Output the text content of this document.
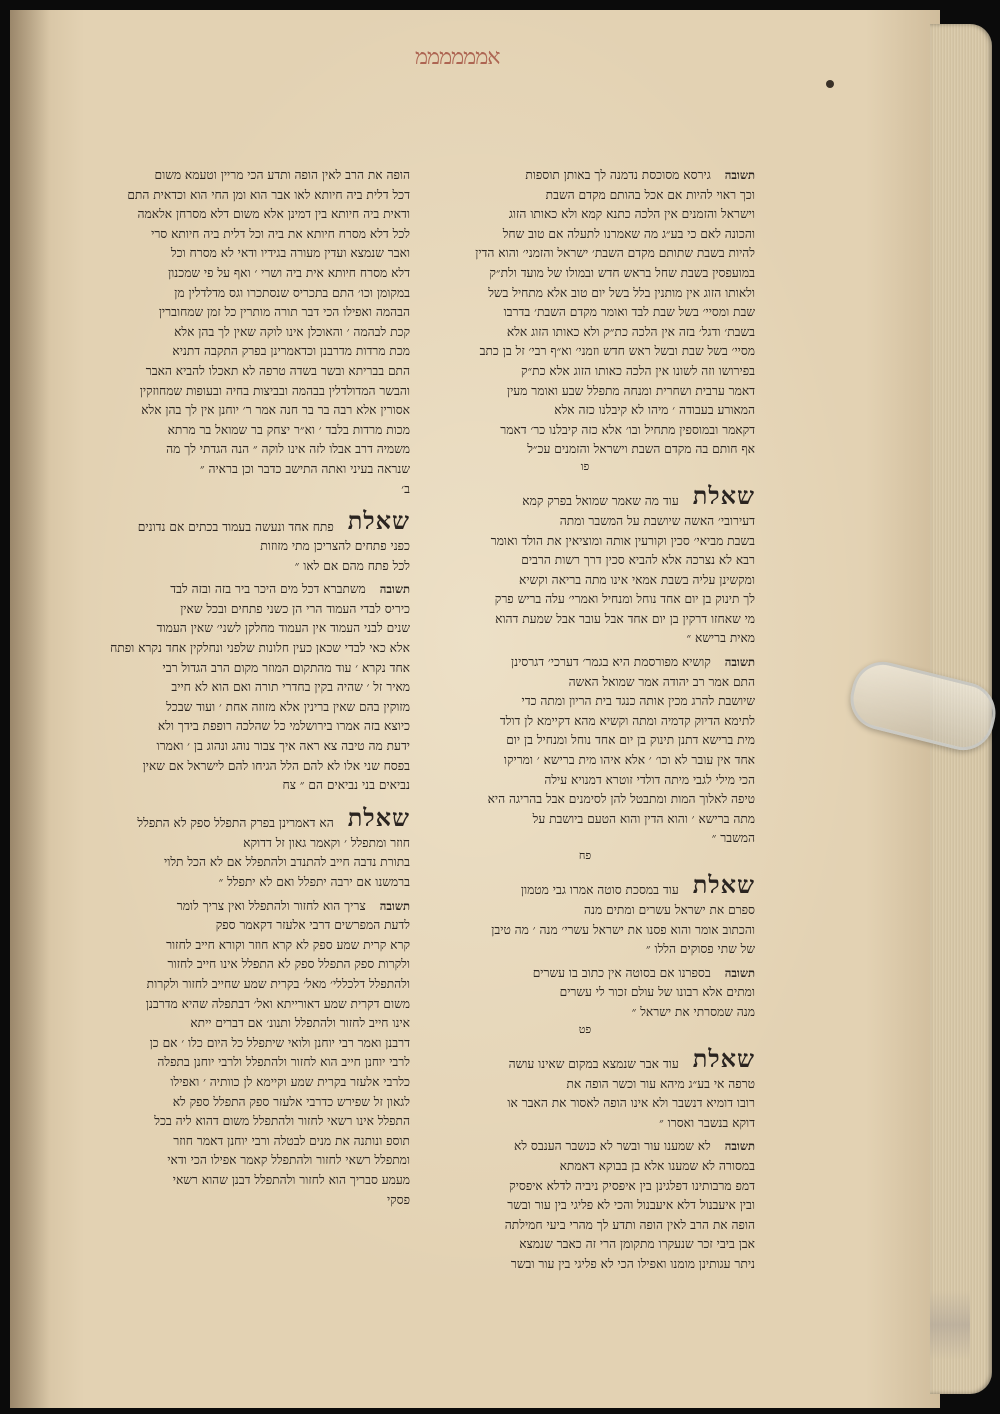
אממממממ
תשובה
גירסא מסוכסת נדמנה לך באותן תוספות
וכך ראוי להיות אם אכל בהותם מקדם השבת
וישראל והזמנים אין הלכה כתנא קמא ולא כאותו הזוג
והכונה לאם כי בע״ג מה שאמרנו לתעלה אם טוב שחל
להיות בשבת שתותם מקדם השבת׳ ישראל והזמני׳ והוא הדין
במועפסין בשבת שחל בראש חדש ובמולו של מועד ולת״ק
ולאותו הזוג אין מותנין בלל בשל יום טוב אלא מתחיל בשל
שבת ומסיי׳ בשל שבת לבד ואומר מקדם השבת׳ בדרבו
בשבת׳ ודגל׳ בזה אין הלכה כת״ק ולא כאותו הזוג אלא
מסיי׳ בשל שבת ובשל ראש חדש וזמני׳ וא״ף רבי׳ זל בן כתב
בפירושו וזה לשונו אין הלכה כאותו הזוג אלא כת״ק
דאמר ערבית ושחרית ומנחה מתפלל שבע ואומר מעין
המאורע בעבודה ׳ מיהו לא קיבלנו כזה אלא
דקאמר ובמוספין מתחיל ובו׳ אלא כזה קיבלנו כר׳ דאמר
אף חותם בה מקדם השבת וישראל והזמנים עכ״ל
פו
שאלת
עוד מה שאמר שמואל בפרק קמא
דעירובי׳ האשה שיושבת על המשבר ומתה
בשבת מביאי׳ סכין וקורעין אותה ומוציאין את הולד ואומר
רבא לא נצרכה אלא להביא סכין דרך רשות הרבים
ומקשינן עליה בשבת אמאי אינו מתה בריאה וקשיא
לך תינוק בן יום אחד נוחל ומנחיל ואמרי׳ עלה בריש פרק
מי שאחזו דרקין בן יום אחד אבל עובר אבל שמעת דהוא
מאית ברישא ״
תשובה
קושיא מפורסמת היא בגמר׳ דערכי׳ דגרסינן
התם אמר רב יהודה אמר שמואל האשה
שיושבת להרג מכין אותה כנגד בית הריון ומתה כדי
לתימא הדיוק קדמיה ומתה וקשיא מהא דקיימא לן דולד
מית ברישא דתנן תינוק בן יום אחד נוחל ומנחיל בן יום
אחד אין עובר לא וכו׳ ׳ אלא איהו מית ברישא ׳ ומריקו
הכי מילי לגבי מיתה דולדי זוטרא דמנויא עילה
טיפה לאלוך המות ומתבטל להן לסימנים אבל בהריגה היא
מתה ברישא ׳ והוא הדין והוא הטעם ביושבת על
המשבר ״
פח
שאלת
עוד במסכת סוטה אמרו גבי מטמון
ספרם את ישראל עשרים ומתים מנה
והכתוב אומר והוא פסנו את ישראל עשרי׳ מנה ׳ מה טיבן
של שתי פסוקים הללו ״
תשובה
בספרנו אם בסוטה אין כתוב בו עשרים
ומתים אלא רבונו של עולם זכור לי עשרים
מנה שמסרתי את ישראל ״
פט
שאלת
עוד אבר שנמצא במקום שאינו עושה
טרפה אי בע״ג מיהא עור וכשר הופה את
רובו דומיא דנשבר ולא אינו הופה לאסור את האבר או
דוקא בנשבר ואסרו ״
תשובה
לא שמענו עור ובשר לא כנשבר הענבס לא
במסורה לא שמענו אלא בן בבוקא דאמתא
דמפ מרבותינו דפלגינן בין איפסיק ניביה לדלא איפסיק
ובין איעבנול דלא איעבנול והכי לא פליגי בין עור ובשר
הופה את הרב לאין הופה ותדע לך מהרי ביעי חמילתה
אבן ביבי זכר שנעקרו מתקומן הרי זה כאבר שנמצא
ניתר עגותינן מומנו ואפילו הכי לא פליגי בין עור ובשר
הופה את הרב לאין הופה ותדע הכי מריין וטעמא משום
דכל דלית ביה חיותא לאו אבר הוא ומן החי הוא וכדאית התם
ודאית ביה חיותא בין דמינן אלא משום דלא מסרחן אלאמה
לכל דלא מסרח חיותא את ביה וכל דלית ביה חיותא סרי
ואבר שנמצא ועדין מעורה בגידיו ודאי לא מסרח וכל
דלא מסרח חיותא אית ביה ושרי ׳ ואף על פי שמכנון
במקומן וכו׳ התם בתכריס שנסתכרו וגס מדלדלין מן
הבהמה ואפילו הכי דבר תורה מותרין כל זמן שמחוברין
קכת לבהמה ׳ והאוכלן אינו לוקה שאין לך בהן אלא
מכת מרדות מדרבנן וכדאמרינן בפרק התקבה דתניא
התם בבריתא ובשר בשדה טרפה לא תאכלו להביא האבר
והבשר המדולדלין בבהמה ובביצות בחיה ובעופות שמחוזקין
אסורין אלא רבה בר בר חנה אמר ר׳ יוחנן אין לך בהן אלא
מכות מרדות בלבד ׳ וא״ר יצחק בר שמואל בר מרתא
משמיה דרב אבלו לזה אינו לוקה ״ הנה הגדתי לך מה
שנראה בעיני ואתה התישב כדבר וכן בראיה ״
ב׳
שאלת
פתח אחד ונעשה בעמוד בכתים אם נדונים
כפני פתחים להצריכן מתי מזוזות
לכל פתח מהם אם לאו ״
תשובה
משתברא דכל מים היכר ביר בזה ובזה לבד
כיריס לבדי העמוד הרי הן כשני פתחים ובכל שאין
שנים לבני העמוד אין העמוד מחלקן לשני׳ שאין העמוד
אלא כאי לבדי שכאן כעין חלונות שלפני ונחלקין אחד נקרא ופתח
אחד נקרא ׳ עוד מהתקום המוזר מקום הרב הגדול רבי
מאיר זל ׳ שהיה בקין בחדרי תורה ואם הוא לא חייב
מזוקין בהם שאין ברינין אלא מזוזה אחת ׳ ועוד שבכל
כיוצא בזה אמרו בירושלמי כל שהלכה רופפת בידך ולא
ידעת מה טיבה צא ראה איך צבור נוהג ונהוג בן ׳ ואמרו
בפסח שני אלו לא להם הלל הגיחו להם לישראל אם שאין
נביאים בני נביאים הם ״ צח
שאלת
הא דאמרינן בפרק התפלל ספק לא התפלל
חוזר ומתפלל ׳ וקאמר גאון זל דדוקא
בתורת נדבה חייב להתנדב ולהתפלל אם לא הכל תלוי
ברמשנו אם ירבה יתפלל ואם לא יתפלל ״
תשובה
צריך הוא לחזור ולהתפלל ואין צריך לומר
לדעת המפרשים דרבי אלעזר דקאמר ספק
קרא קרית שמע ספק לא קרא חוזר וקורא חייב לחזור
ולקרות ספק התפלל ספק לא התפלל אינו חייב לחזור
ולהתפלל דלכללי׳ מאל׳ בקרית שמע שחייב לחזור ולקרות
משום דקרית שמע דאורייתא ואל׳ דבתפלה שהיא מדרבנן
אינו חייב לחזור ולהתפלל ותנונ׳ אם דברים ייתא
דרבנן ואמר רבי יוחנן ולואי שיתפלל כל היום כלו ׳ אם כן
לרבי יוחנן חייב הוא לחזור ולהתפלל ולרבי יוחנן בתפלה
כלרבי אלעזר בקרית שמע וקיימא לן כוותיה ׳ ואפילו
לגאון זל שפירש כדרבי אלעזר ספק התפלל ספק לא
התפלל אינו רשאי לחזור ולהתפלל משום דהוא ליה בכל
תוספ ונותנה את מנים לבטלה ורבי יוחנן דאמר חוזר
ומתפלל רשאי לחזור ולהתפלל קאמר אפילו הכי ודאי
מעמע סבריך הוא לחזור ולהתפלל דבנן שהוא רשאי
פסקי
